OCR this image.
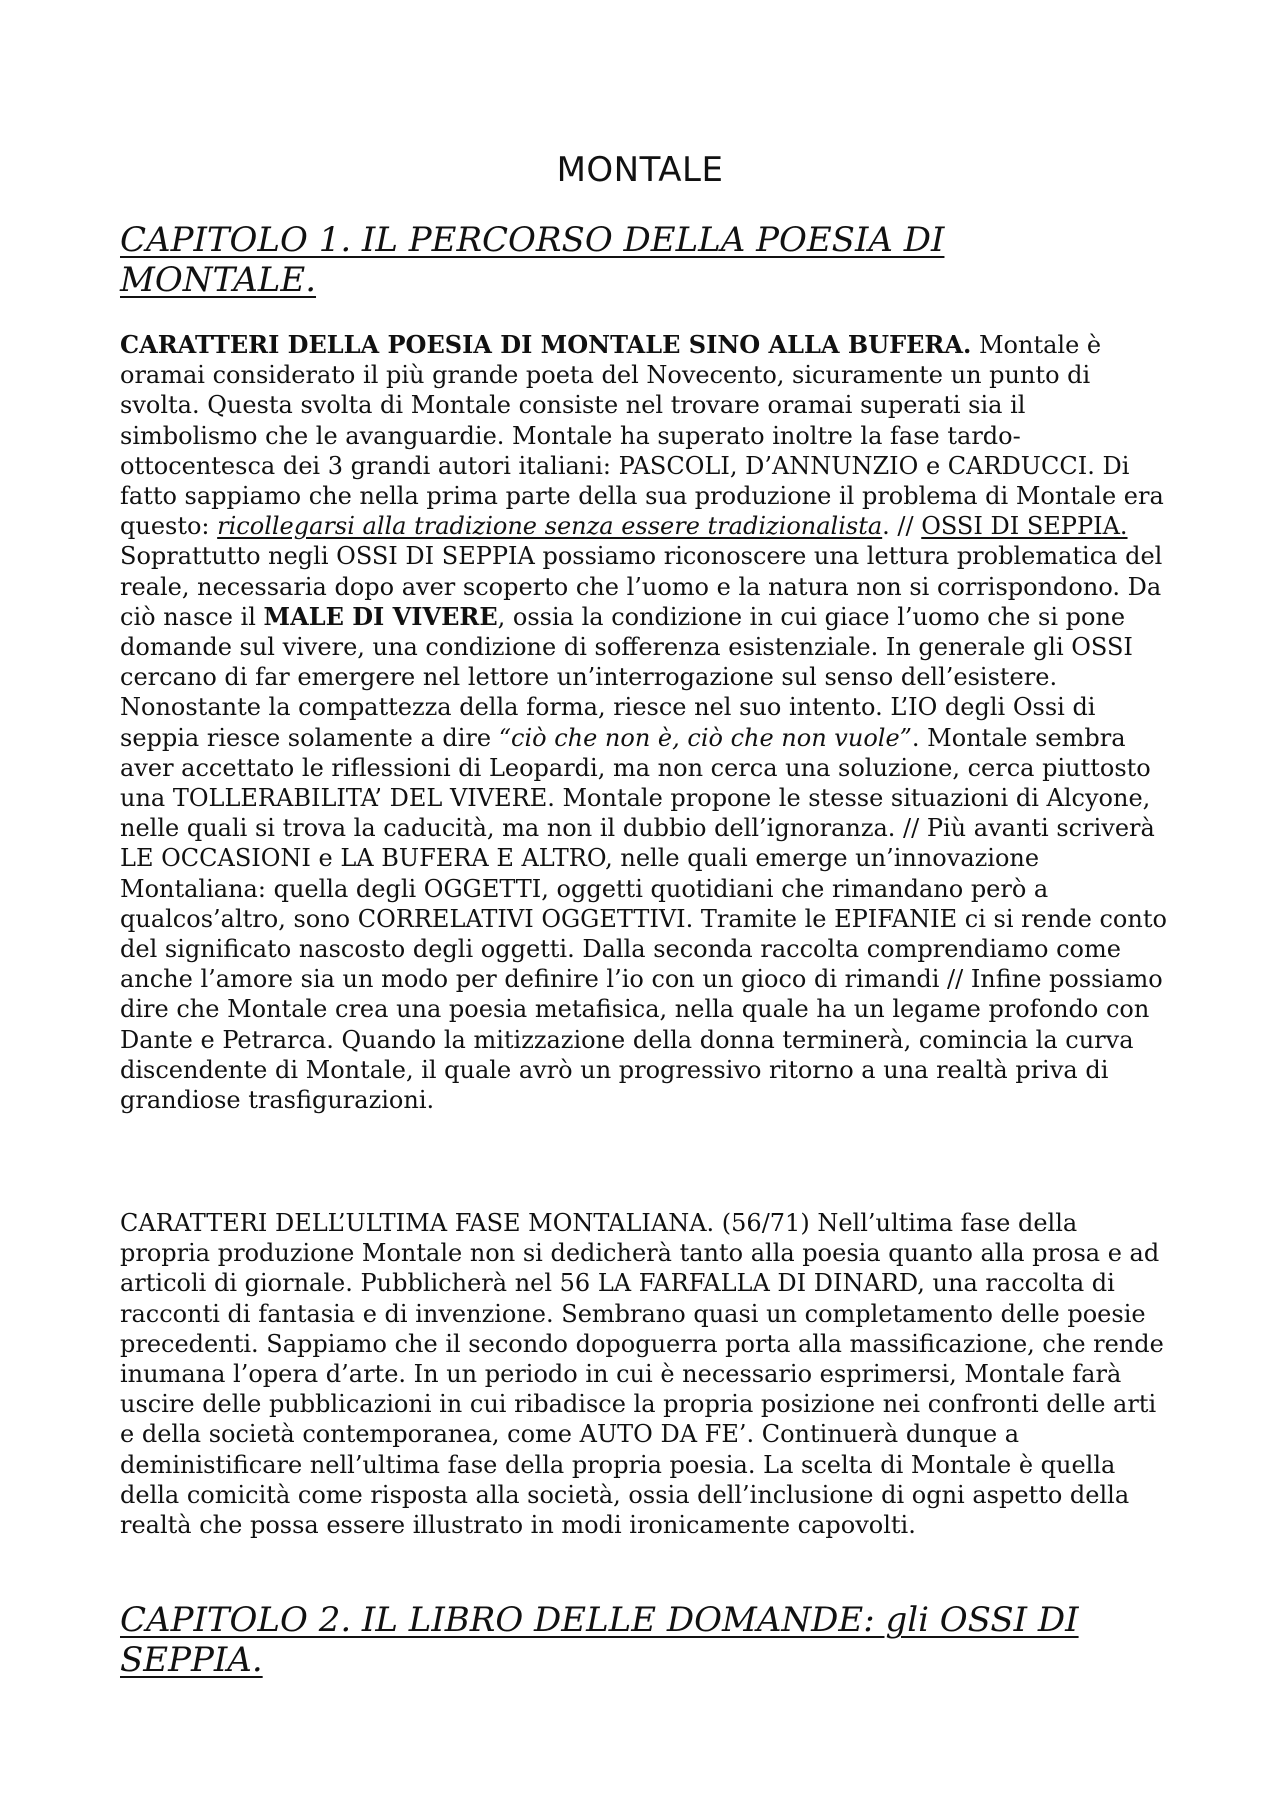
MONTALE
CAPITOLO 1. IL PERCORSO DELLA POESIA DI MONTALE.

CARATTERI DELLA POESIA DI MONTALE SINO ALLA BUFERA. Montale è oramai considerato il più grande poeta del Novecento, sicuramente un punto di svolta. Questa svolta di Montale consiste nel trovare oramai superati sia il simbolismo che le avanguardie. Montale ha superato inoltre la fase tardo-ottocentesca dei 3 grandi autori italiani: PASCOLI, D’ANNUNZIO e CARDUCCI. Di fatto sappiamo che nella prima parte della sua produzione il problema di Montale era questo: ricollegarsi alla tradizione senza essere tradizionalista. // OSSI DI SEPPIA. Soprattutto negli OSSI DI SEPPIA possiamo riconoscere una lettura problematica del reale, necessaria dopo aver scoperto che l’uomo e la natura non si corrispondono. Da ciò nasce il MALE DI VIVERE, ossia la condizione in cui giace l’uomo che si pone domande sul vivere, una condizione di sofferenza esistenziale. In generale gli OSSI cercano di far emergere nel lettore un’interrogazione sul senso dell’esistere. Nonostante la compattezza della forma, riesce nel suo intento. L’IO degli Ossi di seppia riesce solamente a dire “ciò che non è, ciò che non vuole”. Montale sembra aver accettato le riflessioni di Leopardi, ma non cerca una soluzione, cerca piuttosto una TOLLERABILITA’ DEL VIVERE. Montale propone le stesse situazioni di Alcyone, nelle quali si trova la caducità, ma non il dubbio dell’ignoranza. // Più avanti scriverà LE OCCASIONI e LA BUFERA E ALTRO, nelle quali emerge un’innovazione Montaliana: quella degli OGGETTI, oggetti quotidiani che rimandano però a qualcos’altro, sono CORRELATIVI OGGETTIVI. Tramite le EPIFANIE ci si rende conto del significato nascosto degli oggetti. Dalla seconda raccolta comprendiamo come anche l’amore sia un modo per definire l’io con un gioco di rimandi // Infine possiamo dire che Montale crea una poesia metafisica, nella quale ha un legame profondo con Dante e Petrarca. Quando la mitizzazione della donna terminerà, comincia la curva discendente di Montale, il quale avrò un progressivo ritorno a una realtà priva di grandiose trasfigurazioni.

CARATTERI DELL’ULTIMA FASE MONTALIANA. (56/71) Nell’ultima fase della propria produzione Montale non si dedicherà tanto alla poesia quanto alla prosa e ad articoli di giornale. Pubblicherà nel 56 LA FARFALLA DI DINARD, una raccolta di racconti di fantasia e di invenzione. Sembrano quasi un completamento delle poesie precedenti. Sappiamo che il secondo dopoguerra porta alla massificazione, che rende inumana l’opera d’arte. In un periodo in cui è necessario esprimersi, Montale farà uscire delle pubblicazioni in cui ribadisce la propria posizione nei confronti delle arti e della società contemporanea, come AUTO DA FE’. Continuerà dunque a deministificare nell’ultima fase della propria poesia. La scelta di Montale è quella della comicità come risposta alla società, ossia dell’inclusione di ogni aspetto della realtà che possa essere illustrato in modi ironicamente capovolti.

CAPITOLO 2. IL LIBRO DELLE DOMANDE: gli OSSI DI SEPPIA.
